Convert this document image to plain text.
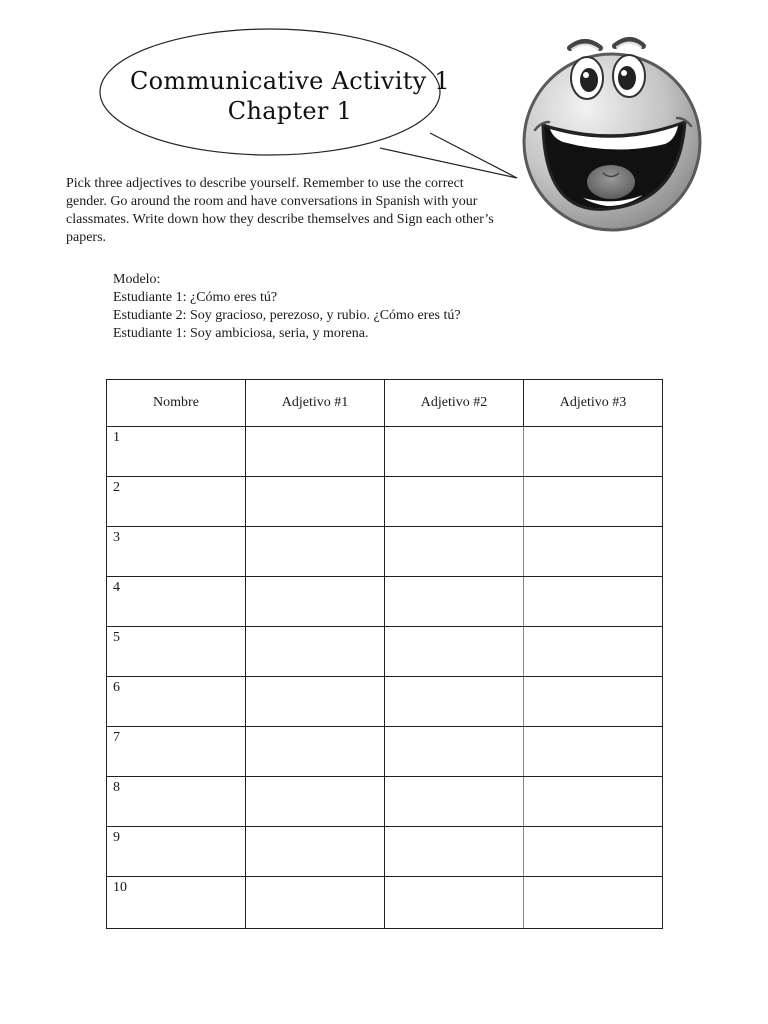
Communicative Activity 1
Chapter 1
Pick three adjectives to describe yourself. Remember to use the correct gender. Go around the room and have conversations in Spanish with your classmates. Write down how they describe themselves and Sign each other’s papers.
Modelo:
Estudiante 1: ¿Cómo eres tú?
Estudiante 2: Soy gracioso, perezoso, y rubio. ¿Cómo eres tú?
Estudiante 1: Soy ambiciosa, seria, y morena.
Nombre	Adjetivo #1	Adjetivo #2	Adjetivo #3
1			
2			
3			
4			
5			
6			
7			
8			
9			
10			
